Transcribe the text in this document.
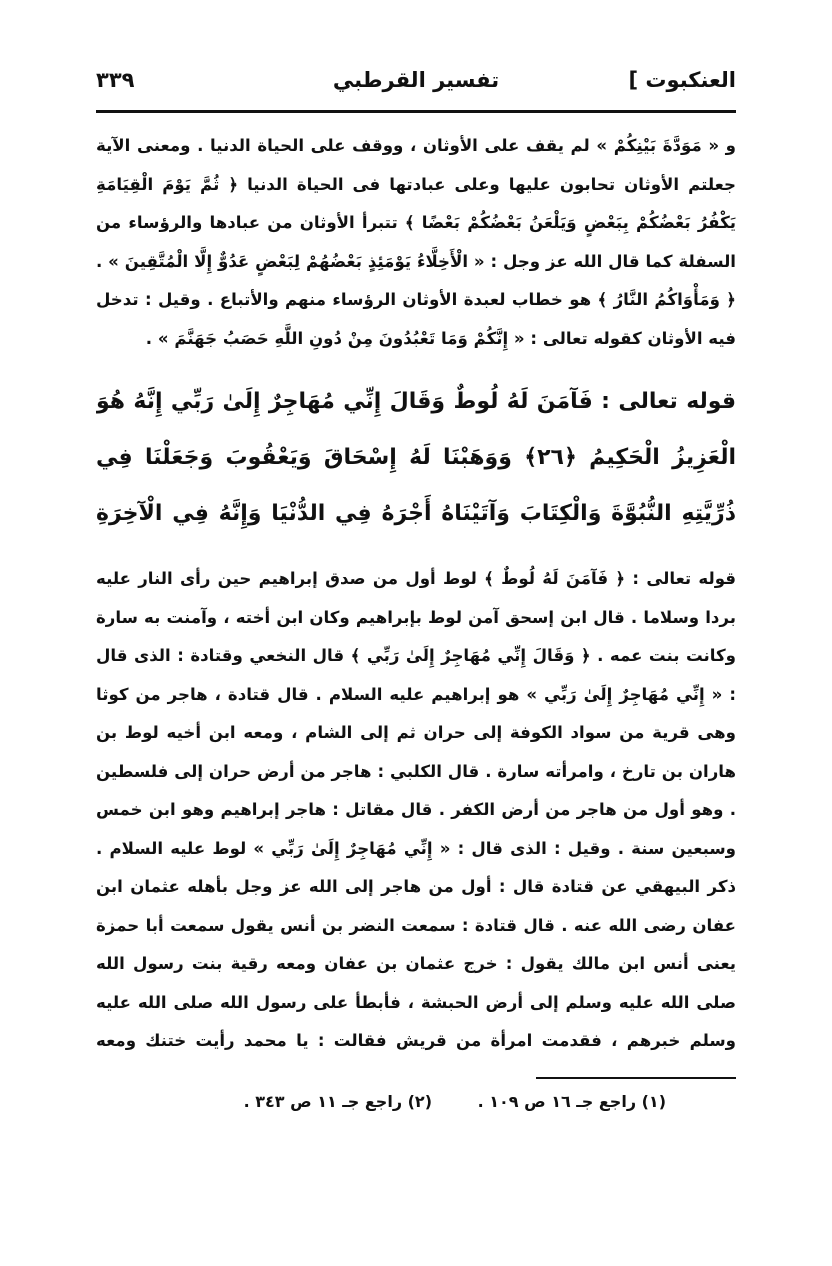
العنكبوت ]
تفسير القرطبي
٣٣٩

و « مَوَدَّةَ بَيْنِكُمْ » لم يقف على الأوثان ، ووقف على الحياة الدنيا . ومعنى الآية جعلتم الأوثان تحابون عليها وعلى عبادتها فى الحياة الدنيا ﴿ ثُمَّ يَوْمَ الْقِيَامَةِ يَكْفُرُ بَعْضُكُمْ بِبَعْضٍ وَيَلْعَنُ بَعْضُكُمْ بَعْضًا ﴾ تتبرأ الأوثان من عبادها والرؤساء من السفلة كما قال الله عز وجل : « الْأَخِلَّاءُ يَوْمَئِذٍ بَعْضُهُمْ لِبَعْضٍ عَدُوٌّ إِلَّا الْمُتَّقِينَ » . ﴿ وَمَأْوَاكُمُ النَّارُ ﴾ هو خطاب لعبدة الأوثان الرؤساء منهم والأتباع . وقيل : تدخل فيه الأوثان كقوله تعالى : « إِنَّكُمْ وَمَا تَعْبُدُونَ مِنْ دُونِ اللَّهِ حَصَبُ جَهَنَّمَ » .

قوله تعالى : فَآمَنَ لَهُ لُوطٌ وَقَالَ إِنِّي مُهَاجِرٌ إِلَىٰ رَبِّي إِنَّهُ هُوَ الْعَزِيزُ الْحَكِيمُ ﴿٢٦﴾ وَوَهَبْنَا لَهُ إِسْحَاقَ وَيَعْقُوبَ وَجَعَلْنَا فِي ذُرِّيَّتِهِ النُّبُوَّةَ وَالْكِتَابَ وَآتَيْنَاهُ أَجْرَهُ فِي الدُّنْيَا وَإِنَّهُ فِي الْآخِرَةِ

قوله تعالى : ﴿ فَآمَنَ لَهُ لُوطٌ ﴾ لوط أول من صدق إبراهيم حين رأى النار عليه بردا وسلاما . قال ابن إسحق آمن لوط بإبراهيم وكان ابن أخته ، وآمنت به سارة وكانت بنت عمه . ﴿ وَقَالَ إِنِّي مُهَاجِرٌ إِلَىٰ رَبِّي ﴾ قال النخعي وقتادة : الذى قال : « إِنِّي مُهَاجِرٌ إِلَىٰ رَبِّي » هو إبراهيم عليه السلام . قال قتادة ، هاجر من كوثا وهى قرية من سواد الكوفة إلى حران ثم إلى الشام ، ومعه ابن أخيه لوط بن هاران بن تارخ ، وامرأته سارة . قال الكلبي : هاجر من أرض حران إلى فلسطين . وهو أول من هاجر من أرض الكفر . قال مقاتل : هاجر إبراهيم وهو ابن خمس وسبعين سنة . وقيل : الذى قال : « إِنِّي مُهَاجِرٌ إِلَىٰ رَبِّي » لوط عليه السلام . ذكر البيهقي عن قتادة قال : أول من هاجر إلى الله عز وجل بأهله عثمان ابن عفان رضى الله عنه . قال قتادة : سمعت النضر بن أنس يقول سمعت أبا حمزة يعنى أنس ابن مالك يقول : خرج عثمان بن عفان ومعه رقية بنت رسول الله صلى الله عليه وسلم إلى أرض الحبشة ، فأبطأ على رسول الله صلى الله عليه وسلم خبرهم ، فقدمت امرأة من قريش فقالت : يا محمد رأيت ختنك ومعه

(١) راجع جـ ١٦ ص ١٠٩ . (٢) راجع جـ ١١ ص ٣٤٣ .
